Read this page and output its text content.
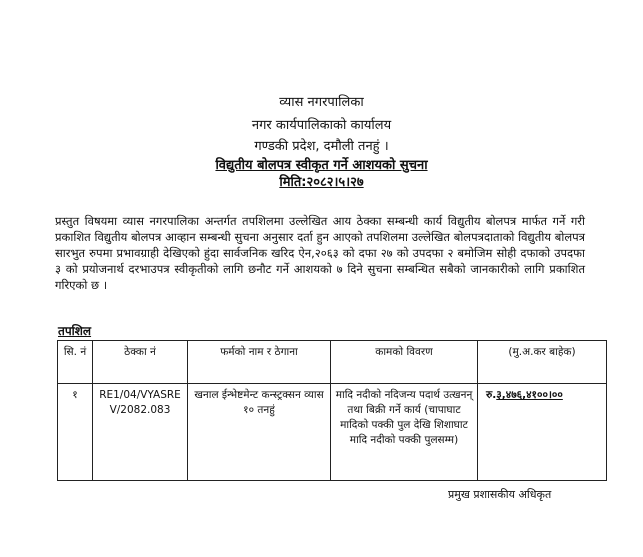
व्यास नगरपालिका
नगर कार्यपालिकाको कार्यालय
गण्डकी प्रदेश, दमौली तनहुं ।
विद्युतीय बोलपत्र स्वीकृत गर्ने आशयको सुचना
मिति:२०८२।५।२७
प्रस्तुत विषयमा व्यास नगरपालिका अन्तर्गत तपशिलमा उल्लेखित आय ठेक्का सम्बन्धी कार्य विद्युतीय बोलपत्र मार्फत गर्ने गरी प्रकाशित विद्युतीय बोलपत्र आव्हान सम्बन्धी सुचना अनुसार दर्ता हुन आएको तपशिलमा उल्लेखित बोलपत्रदाताको विद्युतीय बोलपत्र सारभुत रुपमा प्रभावग्राही देखिएको हुंदा सार्वजनिक खरिद ऐन,२०६३ को दफा २७ को उपदफा २ बमोजिम सोही दफाको उपदफा ३ को प्रयोजनार्थ दरभाउपत्र स्वीकृतीको लागि छनौट गर्ने आशयको ७ दिने सुचना सम्बन्धित सबैको जानकारीको लागि प्रकाशित गरिएको छ ।
तपशिल
सि. नं	ठेक्का नं	फर्मको नाम र ठेगाना	कामको विवरण	(मु.अ.कर बाहेक)
१	RE1/04/VYASREV/2082.083	खनाल ईन्भेष्टमेन्ट कन्स्ट्रक्सन व्यास १० तनहुं	मादि नदीको नदिजन्य पदार्थ उत्खनन् तथा बिक्री गर्ने कार्य (चापाघाट मादिको पक्की पुल देखि शिशाघाट मादि नदीको पक्की पुलसम्म)	रु.३,४७६,४१००।००
प्रमुख प्रशासकीय अधिकृत
